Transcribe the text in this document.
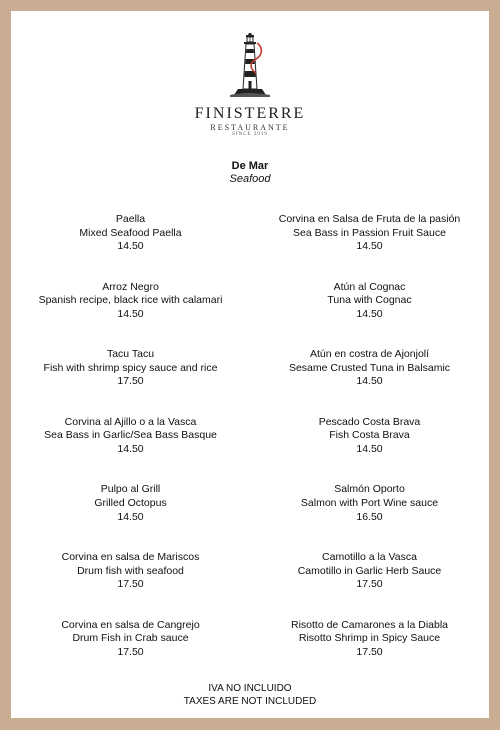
FINISTERRE
RESTAURANTE
SINCE 2019
De Mar
Seafood
Paella
Mixed Seafood Paella
14.50
Arroz Negro
Spanish recipe, black rice with calamari
14.50
Tacu Tacu
Fish with shrimp spicy sauce and rice
17.50
Corvina al Ajillo o a la Vasca
Sea Bass in Garlic/Sea Bass Basque
14.50
Pulpo al Grill
Grilled Octopus
14.50
Corvina en salsa de Mariscos
Drum fish with seafood
17.50
Corvina en salsa de Cangrejo
Drum Fish in Crab sauce
17.50
Corvina en Salsa de Fruta de la pasión
Sea Bass in Passion Fruit Sauce
14.50
Atún al Cognac
Tuna with Cognac
14.50
Atún en costra de Ajonjolí
Sesame Crusted Tuna in Balsamic
14.50
Pescado Costa Brava
Fish Costa Brava
14.50
Salmón Oporto
Salmon with Port Wine sauce
16.50
Camotillo a la Vasca
Camotillo in Garlic Herb Sauce
17.50
Risotto de Camarones a la Diabla
Risotto Shrimp in Spicy Sauce
17.50
IVA NO INCLUIDO
TAXES ARE NOT INCLUDED
